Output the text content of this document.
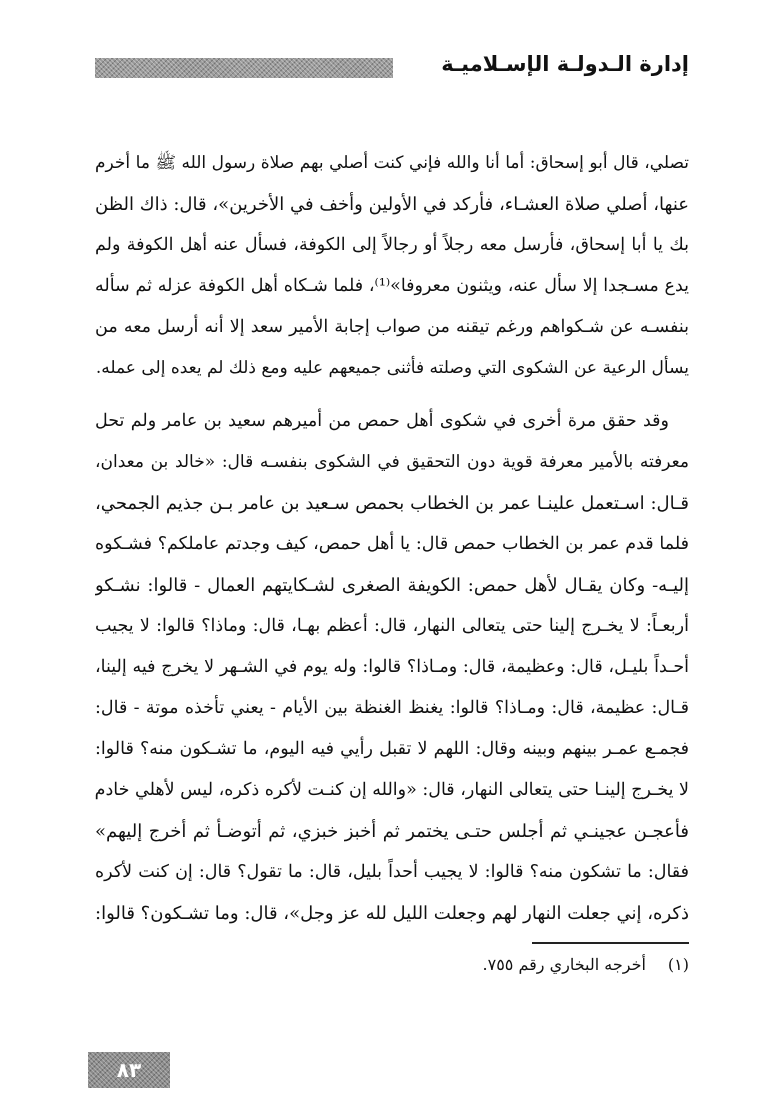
إدارة الـدولـة الإسـلاميـة
تصلي، قال أبو إسحاق: أما أنا والله فإني كنت أصلي بهم صلاة رسول الله ﷺ ما أخرم
عنها، أصلي صلاة العشـاء، فأركد في الأولين وأخف في الأخرين»، قال: ذاك الظن
بك يا أبا إسحاق، فأرسل معه رجلاً أو رجالاً إلى الكوفة، فسأل عنه أهل الكوفة ولم
يدع مسـجدا إلا سأل عنه، ويثنون معروفا»⁽¹⁾، فلما شـكاه أهل الكوفة عزله ثم سأله
بنفسـه عن شـكواهم ورغم تيقنه من صواب إجابة الأمير سعد إلا أنه أرسل معه من
يسأل الرعية عن الشكوى التي وصلته فأثنى جميعهم عليه ومع ذلك لم يعده إلى عمله.
وقد حقق مرة أخرى في شكوى أهل حمص من أميرهم سعيد بن عامر ولم تحل
معرفته بالأمير معرفة قوية دون التحقيق في الشكوى بنفسـه قال: «خالد بن معدان،
قـال: اسـتعمل علينـا عمر بن الخطاب بحمص سـعيد بن عامر بـن جذيم الجمحي،
فلما قدم عمر بن الخطاب حمص قال: يا أهل حمص، كيف وجدتم عاملكم؟ فشـكوه
إليـه- وكان يقـال لأهل حمص: الكويفة الصغرى لشـكايتهم العمال - قالوا: نشـكو
أربعـاً: لا يخـرج إلينا حتى يتعالى النهار، قال: أعظم بهـا، قال: وماذا؟ قالوا: لا يجيب
أحـداً بليـل، قال: وعظيمة، قال: ومـاذا؟ قالوا: وله يوم في الشـهر لا يخرج فيه إلينا،
قـال: عظيمة، قال: ومـاذا؟ قالوا: يغنظ الغنظة بين الأيام - يعني تأخذه موتة - قال:
فجمـع عمـر بينهم وبينه وقال: اللهم لا تقبل رأيي فيه اليوم، ما تشـكون منه؟ قالوا:
لا يخـرج إلينـا حتى يتعالى النهار، قال: «والله إن كنـت لأكره ذكره، ليس لأهلي خادم
فأعجـن عجينـي ثم أجلس حتـى يختمر ثم أخبز خبزي، ثم أتوضـأ ثم أخرج إليهم»
فقال: ما تشكون منه؟ قالوا: لا يجيب أحداً بليل، قال: ما تقول؟ قال: إن كنت لأكره
ذكره، إني جعلت النهار لهم وجعلت الليل لله عز وجل»، قال: وما تشـكون؟ قالوا:
(١)أخرجه البخاري رقم ٧٥٥.
٨٣
